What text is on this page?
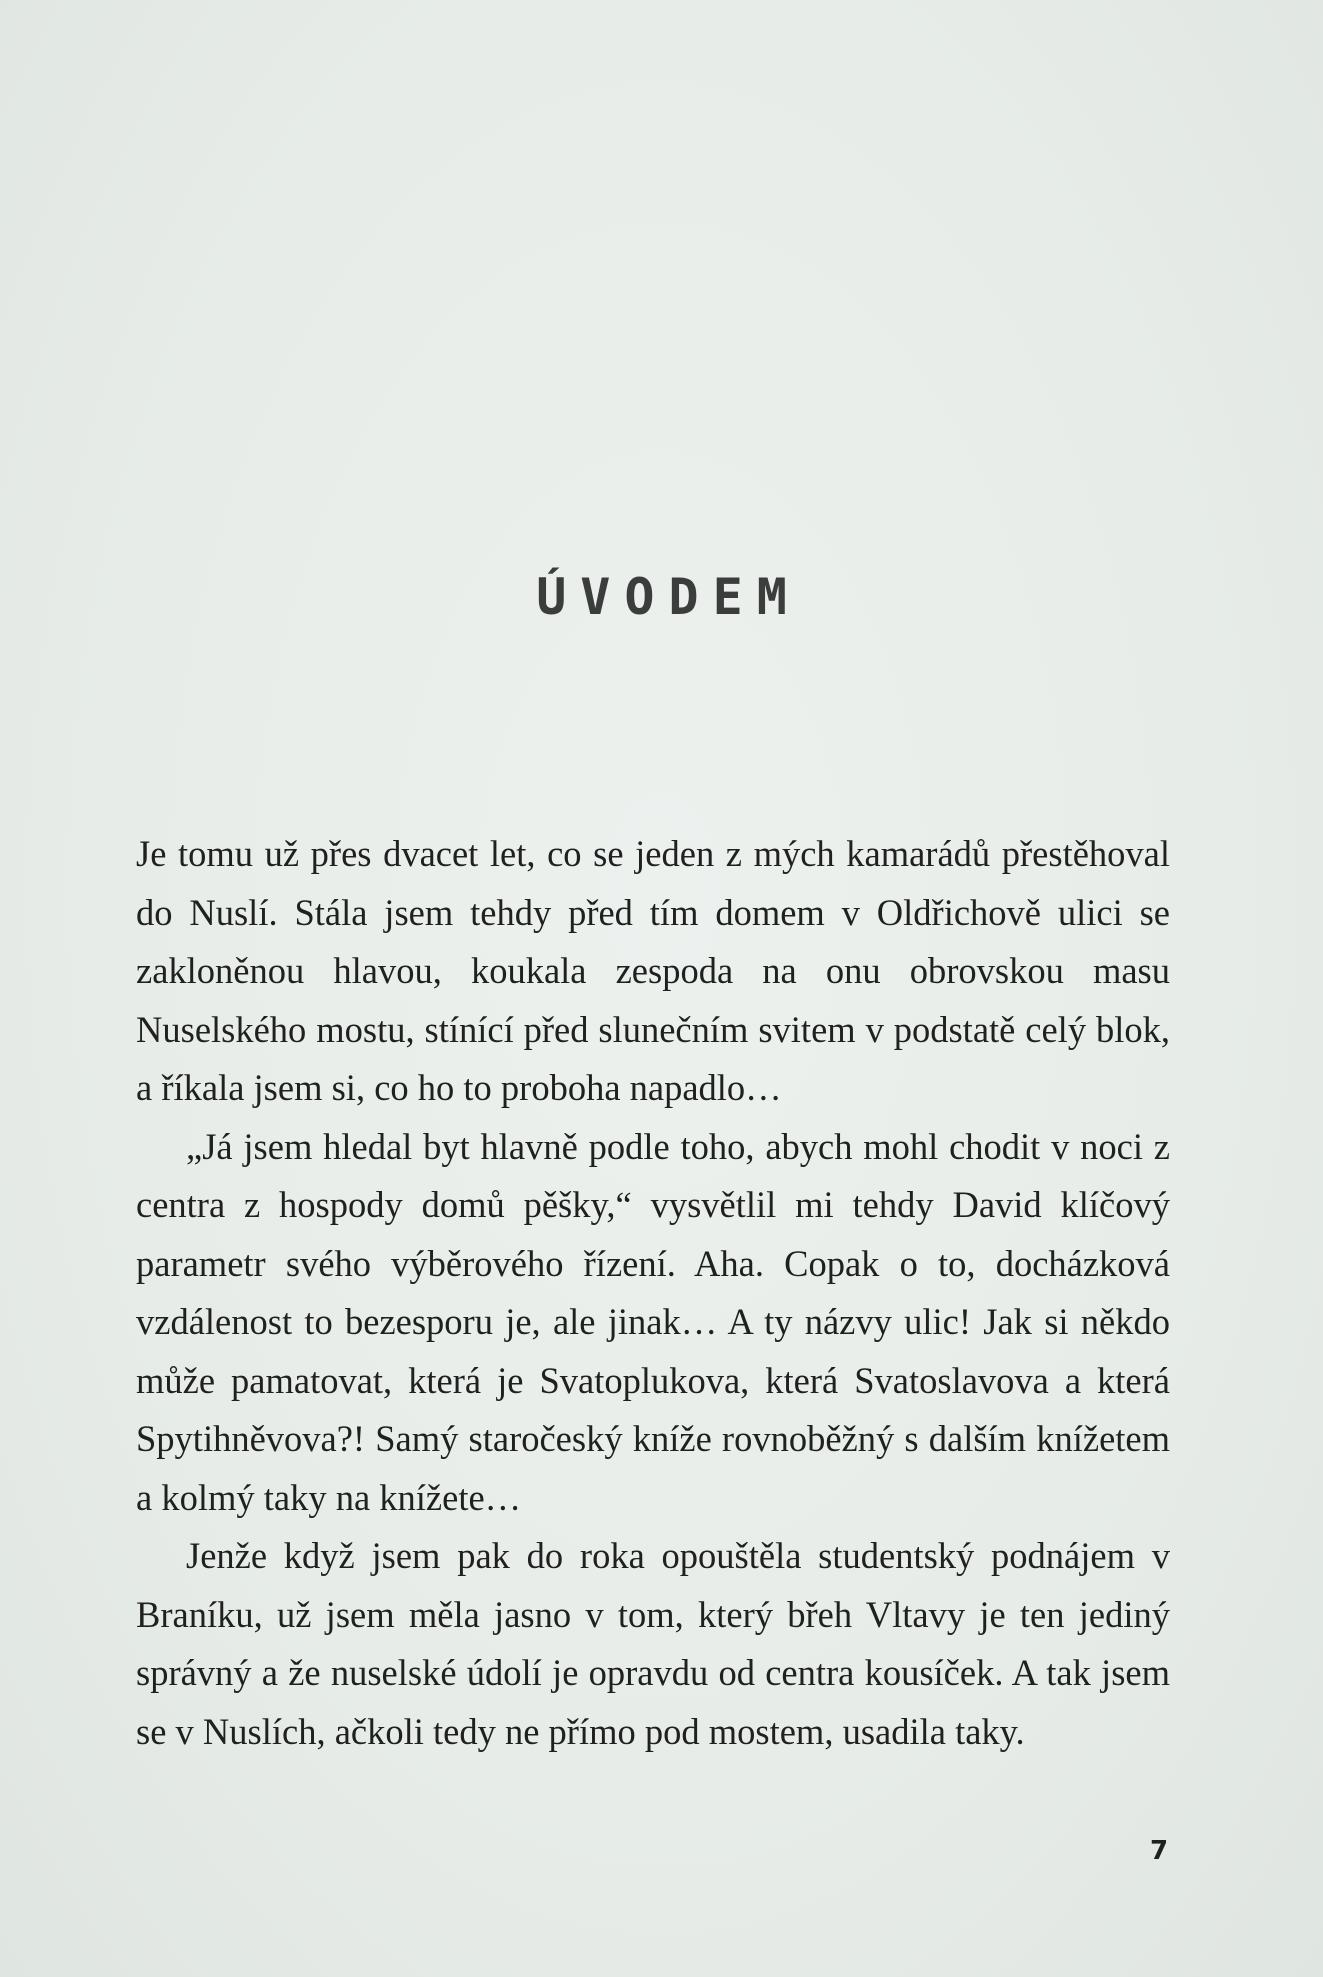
ÚVODEM

Je tomu už přes dvacet let, co se jeden z mých kamarádů přestěhoval do Nuslí. Stála jsem tehdy před tím domem v Oldřichově ulici se zakloněnou hlavou, koukala zespoda na onu obrovskou masu Nuselského mostu, stínící před slunečním svitem v podstatě celý blok, a říkala jsem si, co ho to proboha napadlo…

„Já jsem hledal byt hlavně podle toho, abych mohl chodit v noci z centra z hospody domů pěšky,“ vysvětlil mi tehdy David klíčový parametr svého výběrového řízení. Aha. Copak o to, docházková vzdálenost to bezesporu je, ale jinak… A ty názvy ulic! Jak si někdo může pamatovat, která je Svatoplukova, která Svatoslavova a která Spytihněvova?! Samý staročeský kníže rovnoběžný s dalším knížetem a kolmý taky na knížete…

Jenže když jsem pak do roka opouštěla studentský podnájem v Braníku, už jsem měla jasno v tom, který břeh Vltavy je ten jediný správný a že nuselské údolí je opravdu od centra kousíček. A tak jsem se v Nuslích, ačkoli tedy ne přímo pod mostem, usadila taky.

7
